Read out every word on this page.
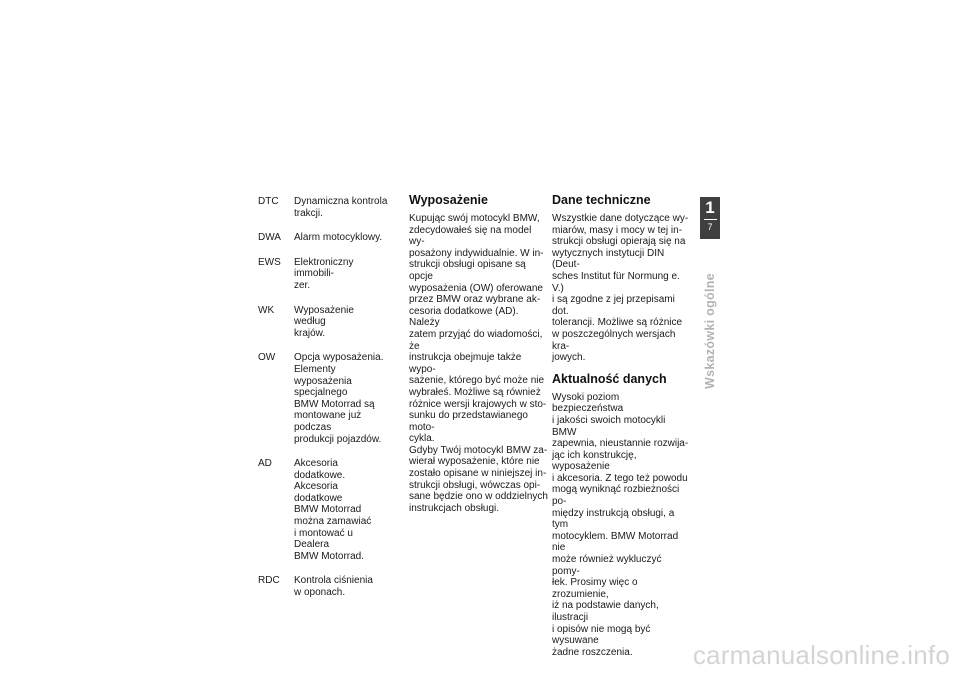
DTC	Dynamiczna kontrola
trakcji.
DWA	Alarm motocyklowy.
EWS	Elektroniczny immobili-
zer.
WK	Wyposażenie według
krajów.
OW	Opcja wyposażenia.
Elementy wyposażenia
specjalnego
BMW Motorrad są
montowane już podczas
produkcji pojazdów.
AD	Akcesoria dodatkowe.
Akcesoria dodatkowe
BMW Motorrad
można zamawiać
i montować u Dealera
BMW Motorrad.
RDC	Kontrola ciśnienia
w oponach.
Wyposażenie

Kupując swój motocykl BMW,
zdecydowałeś się na model wy-
posażony indywidualnie. W in-
strukcji obsługi opisane są opcje
wyposażenia (OW) oferowane
przez BMW oraz wybrane ak-
cesoria dodatkowe (AD). Należy
zatem przyjąć do wiadomości, że
instrukcja obejmuje także wypo-
sażenie, którego być może nie
wybrałeś. Możliwe są również
różnice wersji krajowych w sto-
sunku do przedstawianego moto-
cykla.
Gdyby Twój motocykl BMW za-
wierał wyposażenie, które nie
zostało opisane w niniejszej in-
strukcji obsługi, wówczas opi-
sane będzie ono w oddzielnych
instrukcjach obsługi.

Dane techniczne

Wszystkie dane dotyczące wy-
miarów, masy i mocy w tej in-
strukcji obsługi opierają się na
wytycznych instytucji DIN (Deut-
sches Institut für Normung e. V.)
i są zgodne z jej przepisami dot.
tolerancji. Możliwe są różnice
w poszczególnych wersjach kra-
jowych.

Aktualność danych

Wysoki poziom bezpieczeństwa
i jakości swoich motocykli BMW
zapewnia, nieustannie rozwija-
jąc ich konstrukcję, wyposażenie
i akcesoria. Z tego też powodu
mogą wyniknąć rozbieżności po-
między instrukcją obsługi, a tym
motocyklem. BMW Motorrad nie
może również wykluczyć pomy-
łek. Prosimy więc o zrozumienie,
iż na podstawie danych, ilustracji
i opisów nie mogą być wysuwane
żadne roszczenia.

1
7
Wskazówki ogólne
carmanualsonline.info
